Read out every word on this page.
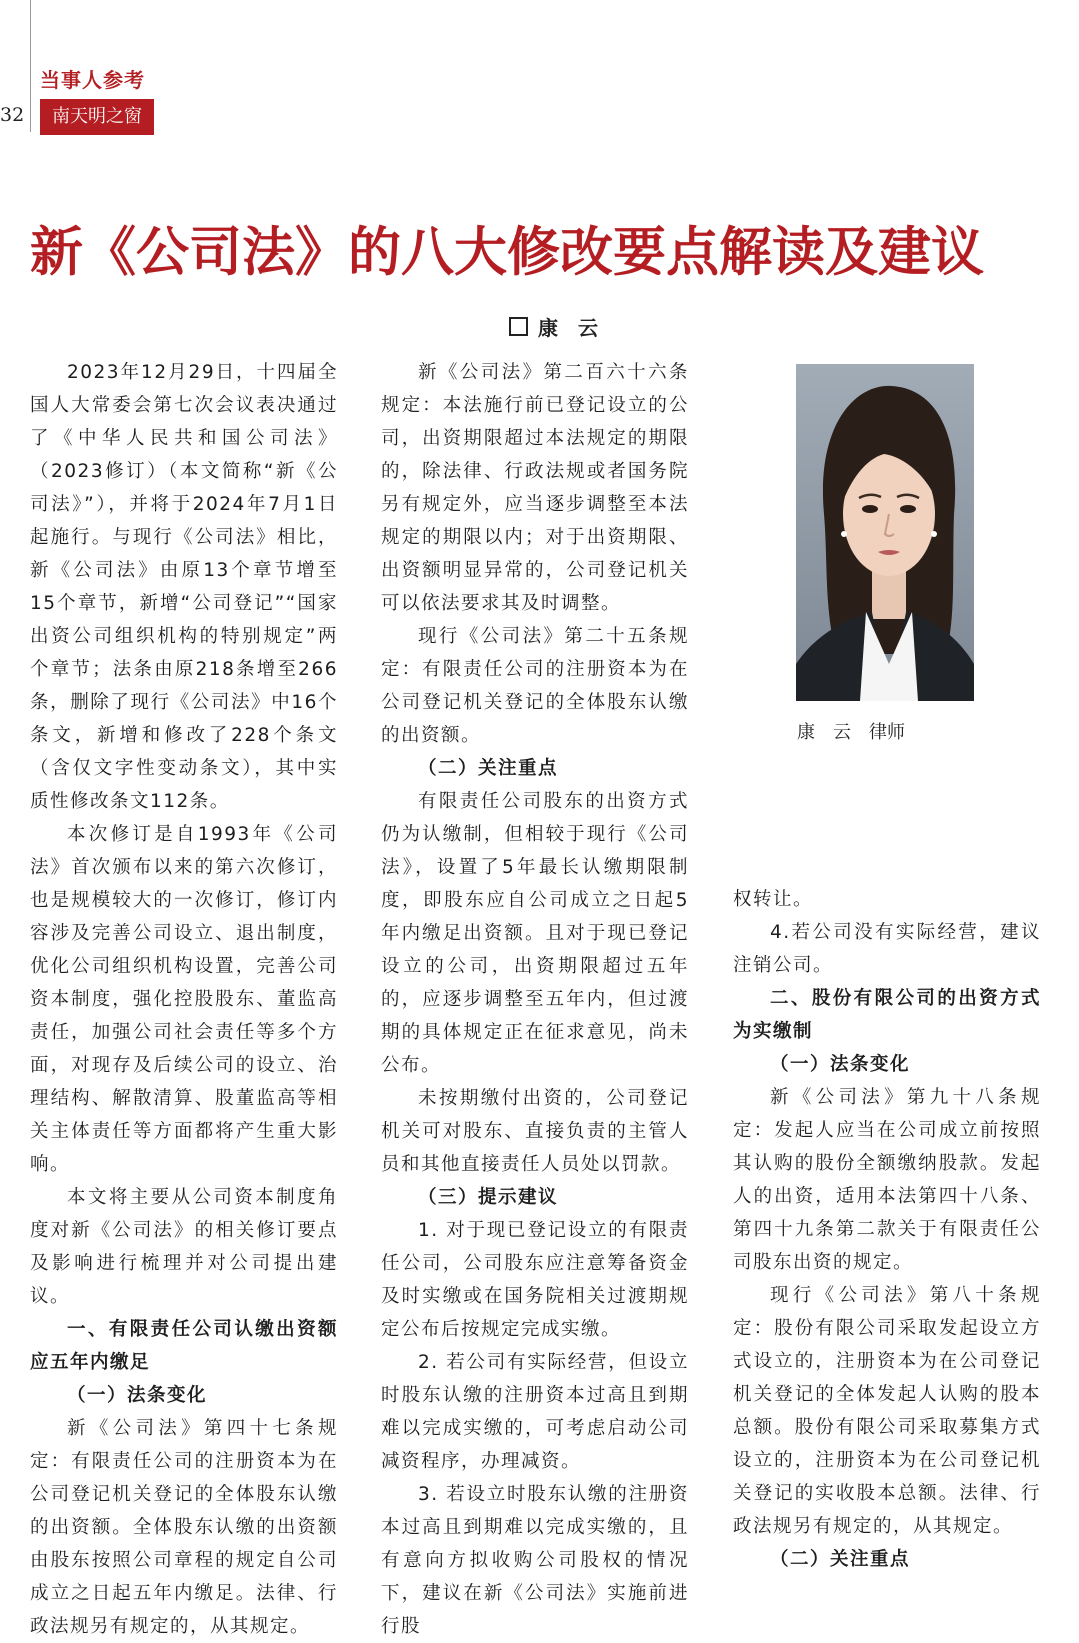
32
当事人参考
南天明之窗
新《公司法》的八大修改要点解读及建议
康　云

2023年12月29日，十四届全国人大常委会第七次会议表决通过了《中华人民共和国公司法》（2023修订）（本文简称“新《公司法》”），并将于2024年7月1日起施行。与现行《公司法》相比，新《公司法》由原13个章节增至15个章节，新增“公司登记”“国家出资公司组织机构的特别规定”两个章节；法条由原218条增至266条，删除了现行《公司法》中16个条文，新增和修改了228个条文（含仅文字性变动条文），其中实质性修改条文112条。

本次修订是自1993年《公司法》首次颁布以来的第六次修订，也是规模较大的一次修订，修订内容涉及完善公司设立、退出制度，优化公司组织机构设置，完善公司资本制度，强化控股股东、董监高责任，加强公司社会责任等多个方面，对现存及后续公司的设立、治理结构、解散清算、股董监高等相关主体责任等方面都将产生重大影响。

本文将主要从公司资本制度角度对新《公司法》的相关修订要点及影响进行梳理并对公司提出建议。

一、有限责任公司认缴出资额应五年内缴足

（一）法条变化

新《公司法》第四十七条规定：有限责任公司的注册资本为在公司登记机关登记的全体股东认缴的出资额。全体股东认缴的出资额由股东按照公司章程的规定自公司成立之日起五年内缴足。法律、行政法规另有规定的，从其规定。

新《公司法》第二百六十六条规定：本法施行前已登记设立的公司，出资期限超过本法规定的期限的，除法律、行政法规或者国务院另有规定外，应当逐步调整至本法规定的期限以内；对于出资期限、出资额明显异常的，公司登记机关可以依法要求其及时调整。

现行《公司法》第二十五条规定：有限责任公司的注册资本为在公司登记机关登记的全体股东认缴的出资额。

（二）关注重点

有限责任公司股东的出资方式仍为认缴制，但相较于现行《公司法》，设置了5年最长认缴期限制度，即股东应自公司成立之日起5年内缴足出资额。且对于现已登记设立的公司，出资期限超过五年的，应逐步调整至五年内，但过渡期的具体规定正在征求意见，尚未公布。

未按期缴付出资的，公司登记机关可对股东、直接负责的主管人员和其他直接责任人员处以罚款。

（三）提示建议

1. 对于现已登记设立的有限责任公司，公司股东应注意筹备资金及时实缴或在国务院相关过渡期规定公布后按规定完成实缴。

2. 若公司有实际经营，但设立时股东认缴的注册资本过高且到期难以完成实缴的，可考虑启动公司减资程序，办理减资。

3. 若设立时股东认缴的注册资本过高且到期难以完成实缴的，且有意向方拟收购公司股权的情况下，建议在新《公司法》实施前进行股

权转让。

4.若公司没有实际经营，建议注销公司。

二、股份有限公司的出资方式为实缴制

（一）法条变化

新《公司法》第九十八条规定：发起人应当在公司成立前按照其认购的股份全额缴纳股款。发起人的出资，适用本法第四十八条、第四十九条第二款关于有限责任公司股东出资的规定。

现行《公司法》第八十条规定：股份有限公司采取发起设立方式设立的，注册资本为在公司登记机关登记的全体发起人认购的股本总额。股份有限公司采取募集方式设立的，注册资本为在公司登记机关登记的实收股本总额。法律、行政法规另有规定的，从其规定。

（二）关注重点

康　云　律师
